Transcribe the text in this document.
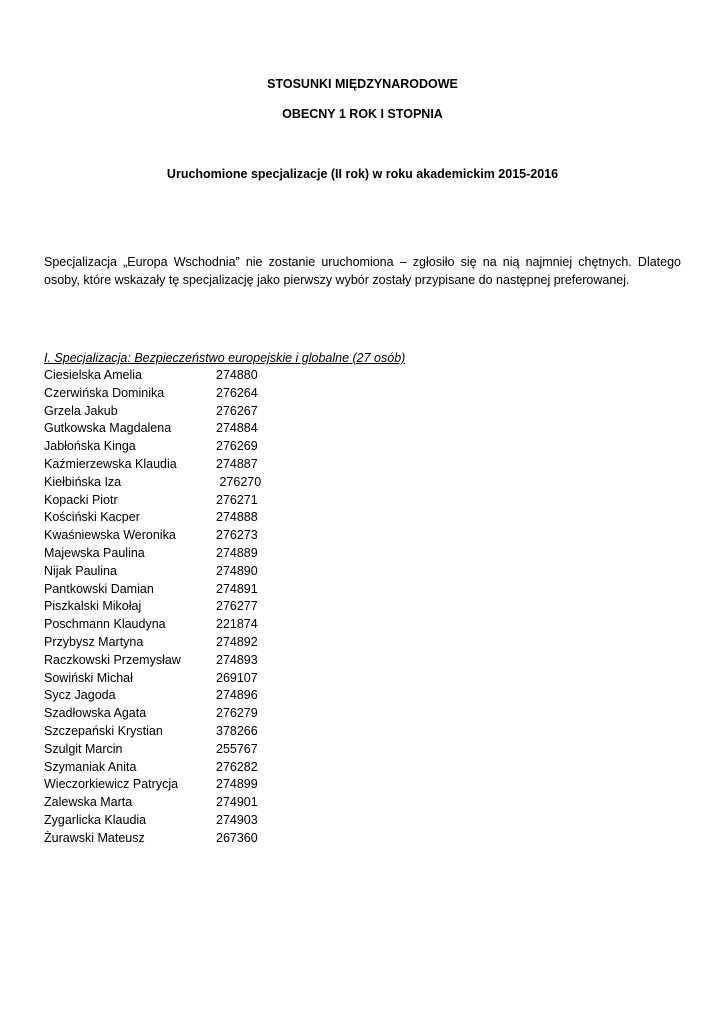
STOSUNKI MIĘDZYNARODOWE

OBECNY 1 ROK I STOPNIA

Uruchomione specjalizacje (II rok) w roku akademickim 2015-2016

Specjalizacja „Europa Wschodnia” nie zostanie uruchomiona – zgłosiło się na nią najmniej chętnych. Dlatego osoby, które wskazały tę specjalizację jako pierwszy wybór zostały przypisane do następnej preferowanej.

I. Specjalizacja: Bezpieczeństwo europejskie i globalne (27 osób)

Ciesielska Amelia	274880
Czerwińska Dominika	276264
Grzela Jakub	276267
Gutkowska Magdalena	274884
Jabłońska Kinga	276269
Kaźmierzewska Klaudia	274887
Kiełbińska Iza	276270
Kopacki Piotr	276271
Kościński Kacper	274888
Kwaśniewska Weronika	276273
Majewska Paulina	274889
Nijak Paulina	274890
Pantkowski Damian	274891
Piszkalski Mikołaj	276277
Poschmann Klaudyna	221874
Przybysz Martyna	274892
Raczkowski Przemysław	274893
Sowiński Michał	269107
Sycz Jagoda	274896
Szadłowska Agata	276279
Szczepański Krystian	378266
Szulgit Marcin	255767
Szymaniak Anita	276282
Wieczorkiewicz Patrycja	274899
Zalewska Marta	274901
Zygarlicka Klaudia	274903
Żurawski Mateusz	267360
